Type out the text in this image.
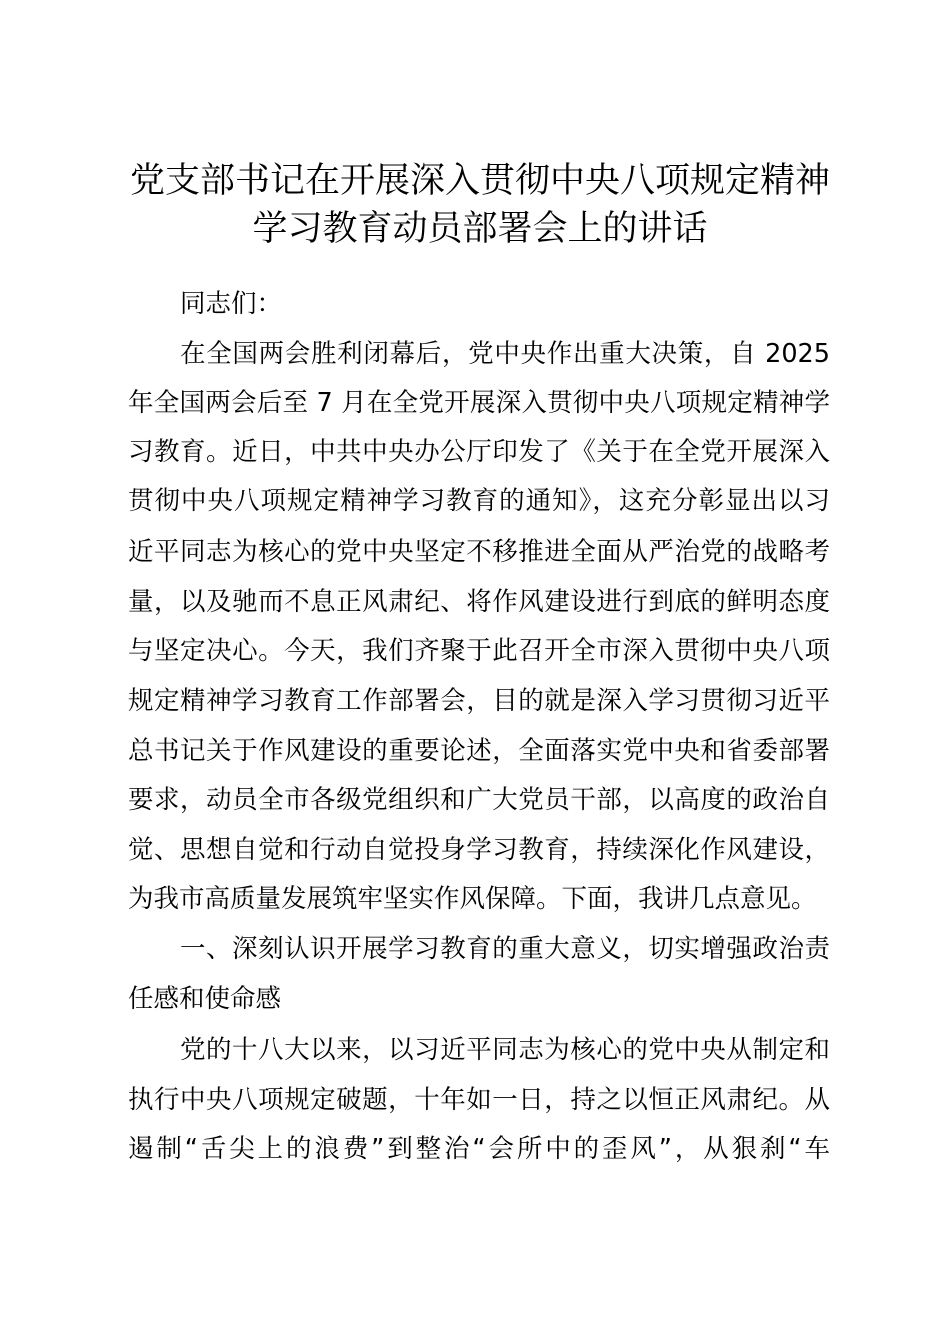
党支部书记在开展深入贯彻中央八项规定精神
学习教育动员部署会上的讲话

同志们：

在全国两会胜利闭幕后，党中央作出重大决策，自 2025

年全国两会后至 7 月在全党开展深入贯彻中央八项规定精神学

习教育。近日，中共中央办公厅印发了《关于在全党开展深入

贯彻中央八项规定精神学习教育的通知》，这充分彰显出以习

近平同志为核心的党中央坚定不移推进全面从严治党的战略考

量，以及驰而不息正风肃纪、将作风建设进行到底的鲜明态度

与坚定决心。今天，我们齐聚于此召开全市深入贯彻中央八项

规定精神学习教育工作部署会，目的就是深入学习贯彻习近平

总书记关于作风建设的重要论述，全面落实党中央和省委部署

要求，动员全市各级党组织和广大党员干部，以高度的政治自

觉、思想自觉和行动自觉投身学习教育，持续深化作风建设，

为我市高质量发展筑牢坚实作风保障。下面，我讲几点意见。

一、深刻认识开展学习教育的重大意义，切实增强政治责

任感和使命感

党的十八大以来，以习近平同志为核心的党中央从制定和

执行中央八项规定破题，十年如一日，持之以恒正风肃纪。从

遏制“舌尖上的浪费”到整治“会所中的歪风”，从狠刹“车
